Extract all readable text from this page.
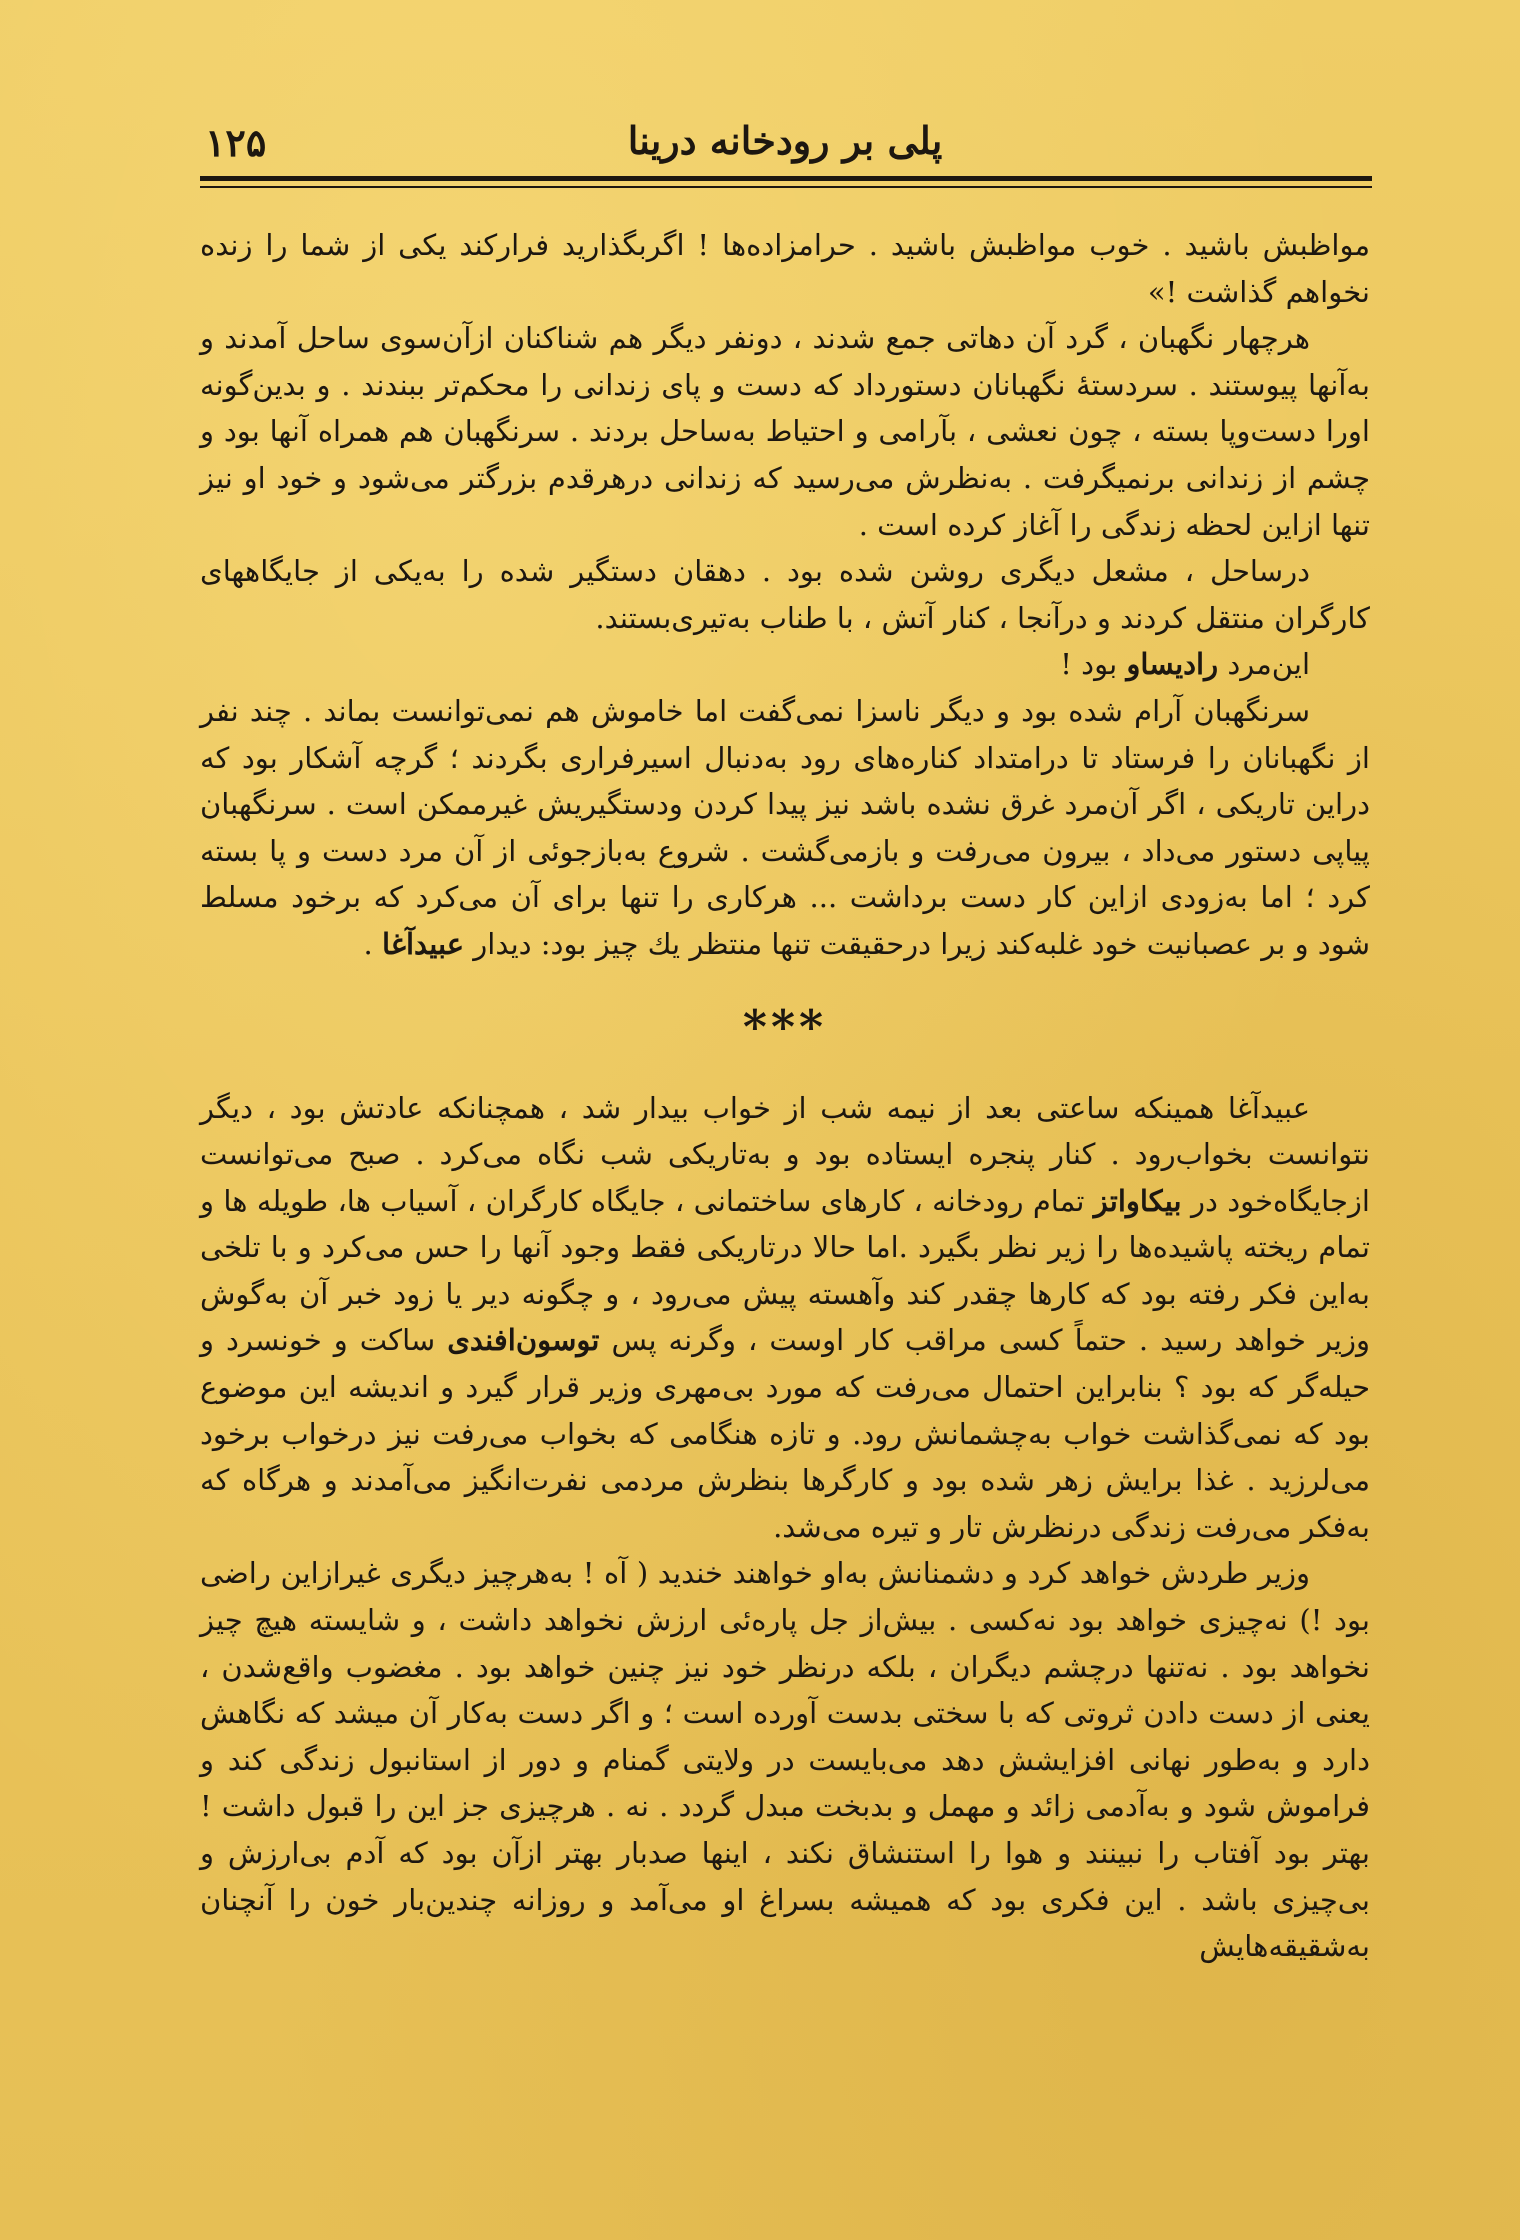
۱۲۵	پلی بر رودخانه درینا

مواظبش باشید . خوب مواظبش باشید . حرامزاده‌ها ! اگربگذارید فرارکند یکی از شما را زنده نخواهم گذاشت !»

هرچهار نگهبان ، گرد آن دهاتی جمع شدند ، دونفر دیگر هم شناکنان ازآن‌سوی ساحل آمدند و به‌آنها پیوستند . سردستهٔ نگهبانان دستورداد که دست و پای زندانی را محکم‌تر ببندند . و بدین‌گونه اورا دست‌وپا بسته ، چون نعشی ، بآرامی و احتیاط به‌ساحل بردند . سرنگهبان هم همراه آنها بود و چشم از زندانی برنمیگرفت . به‌نظرش می‌رسید که زندانی درهرقدم بزرگتر می‌شود و خود او نیز تنها ازاین لحظه زندگی را آغاز کرده است .

درساحل ، مشعل دیگری روشن شده بود . دهقان دستگیر شده را به‌یکی از جایگاههای کارگران منتقل کردند و درآنجا ، کنار آتش ، با طناب به‌تیری‌بستند.

این‌مرد رادیساو بود !

سرنگهبان آرام شده بود و دیگر ناسزا نمی‌گفت اما خاموش هم نمی‌توانست بماند . چند نفر از نگهبانان را فرستاد تا درامتداد کناره‌های رود به‌دنبال اسیرفراری بگردند ؛ گرچه آشکار بود که دراین تاریکی ، اگر آن‌مرد غرق نشده باشد نیز پیدا کردن ودستگیریش غیرممکن است . سرنگهبان پیاپی دستور می‌داد ، بیرون می‌رفت و بازمی‌گشت . شروع به‌بازجوئی از آن مرد دست و پا بسته کرد ؛ اما به‌زودی ازاین کار دست برداشت ... هرکاری را تنها برای آن می‌کرد که برخود مسلط شود و بر عصبانیت خود غلبه‌کند زیرا درحقیقت تنها منتظر یك چیز بود: دیدار عبیدآغا .

***

عبیدآغا همینکه ساعتی بعد از نیمه شب از خواب بیدار شد ، همچنانکه عادتش بود ، دیگر نتوانست بخواب‌رود . کنار پنجره ایستاده بود و به‌تاریکی شب نگاه می‌کرد . صبح می‌توانست ازجایگاه‌خود در بیکاواتز تمام رودخانه ، کارهای ساختمانی ، جایگاه کارگران ، آسیاب ها، طویله ها و تمام ریخته پاشیده‌ها را زیر نظر بگیرد .اما حالا درتاریکی فقط وجود آنها را حس می‌کرد و با تلخی به‌این فکر رفته بود که کارها چقدر کند وآهسته پیش می‌رود ، و چگونه دیر یا زود خبر آن به‌گوش وزیر خواهد رسید . حتماً کسی مراقب کار اوست ، وگرنه پس توسون‌افندی ساکت و خونسرد و حیله‌گر که بود ؟ بنابراین احتمال می‌رفت که مورد بی‌مهری وزیر قرار گیرد و اندیشه این موضوع بود که نمی‌گذاشت خواب به‌چشمانش رود. و تازه هنگامی که بخواب می‌رفت نیز درخواب برخود می‌لرزید . غذا برایش زهر شده بود و کارگرها بنظرش مردمی نفرت‌انگیز می‌آمدند و هرگاه که به‌فکر می‌رفت زندگی درنظرش تار و تیره می‌شد.

وزیر طردش خواهد کرد و دشمنانش به‌او خواهند خندید ( آه ! به‌هرچیز دیگری غیرازاین راضی بود !) نه‌چیزی خواهد بود نه‌کسی . بیش‌از جل پاره‌ئی ارزش نخواهد داشت ، و شایسته هیچ چیز نخواهد بود . نه‌تنها درچشم دیگران ، بلکه درنظر خود نیز چنین خواهد بود . مغضوب واقع‌شدن ، یعنی از دست دادن ثروتی که با سختی بدست آورده است ؛ و اگر دست به‌کار آن میشد که نگاهش دارد و به‌طور نهانی افزایشش دهد می‌بایست در ولایتی گمنام و دور از استانبول زندگی کند و فراموش شود و به‌آدمی زائد و مهمل و بدبخت مبدل گردد . نه . هرچیزی جز این را قبول داشت ! بهتر بود آفتاب را نبینند و هوا را استنشاق نکند ، اینها صدبار بهتر ازآن بود که آدم بی‌ارزش و بی‌چیزی باشد . این فکری بود که همیشه بسراغ او می‌آمد و روزانه چندین‌بار خون را آنچنان به‌شقیقه‌هایش
